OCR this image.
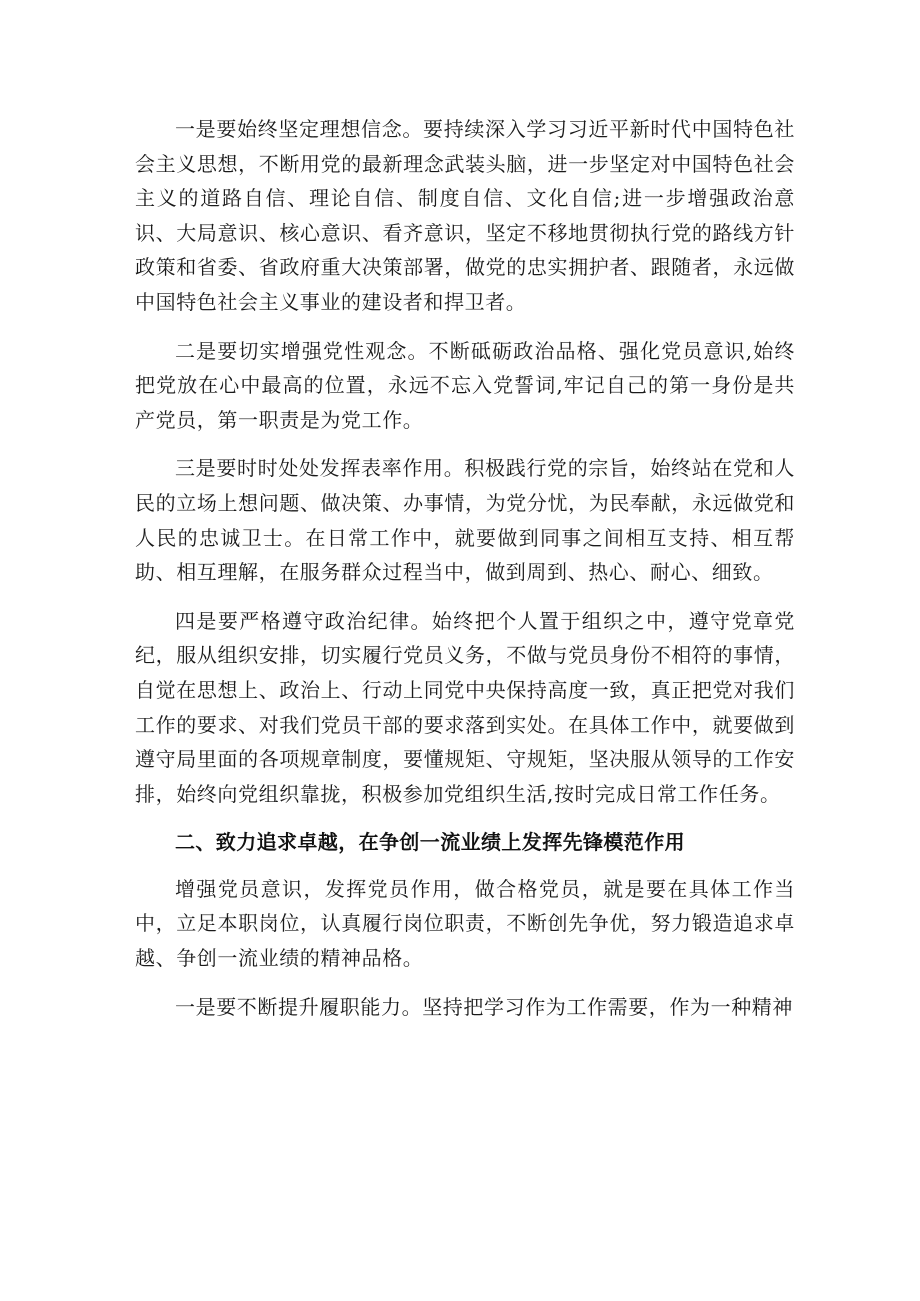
一是要始终坚定理想信念。要持续深入学习习近平新时代中国特色社会主义思想，不断用党的最新理念武装头脑，进一步坚定对中国特色社会主义的道路自信、理论自信、制度自信、文化自信;进一步增强政治意识、大局意识、核心意识、看齐意识，坚定不移地贯彻执行党的路线方针政策和省委、省政府重大决策部署，做党的忠实拥护者、跟随者，永远做中国特色社会主义事业的建设者和捍卫者。

二是要切实增强党性观念。不断砥砺政治品格、强化党员意识,始终把党放在心中最高的位置，永远不忘入党誓词,牢记自己的第一身份是共产党员，第一职责是为党工作。

三是要时时处处发挥表率作用。积极践行党的宗旨，始终站在党和人民的立场上想问题、做决策、办事情，为党分忧，为民奉献，永远做党和人民的忠诚卫士。在日常工作中，就要做到同事之间相互支持、相互帮助、相互理解，在服务群众过程当中，做到周到、热心、耐心、细致。

四是要严格遵守政治纪律。始终把个人置于组织之中，遵守党章党纪，服从组织安排，切实履行党员义务，不做与党员身份不相符的事情，自觉在思想上、政治上、行动上同党中央保持高度一致，真正把党对我们工作的要求、对我们党员干部的要求落到实处。在具体工作中，就要做到遵守局里面的各项规章制度，要懂规矩、守规矩，坚决服从领导的工作安排，始终向党组织靠拢，积极参加党组织生活,按时完成日常工作任务。

二、致力追求卓越，在争创一流业绩上发挥先锋模范作用

增强党员意识，发挥党员作用，做合格党员，就是要在具体工作当中，立足本职岗位，认真履行岗位职责，不断创先争优，努力锻造追求卓越、争创一流业绩的精神品格。

一是要不断提升履职能力。坚持把学习作为工作需要，作为一种精神
